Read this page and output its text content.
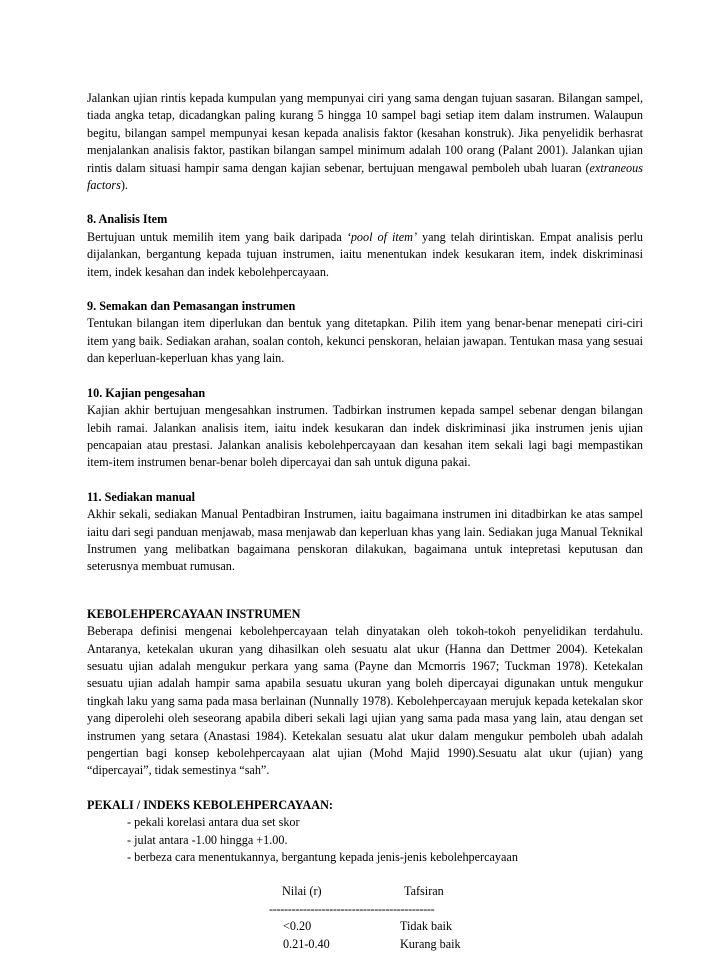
Jalankan ujian rintis kepada kumpulan yang mempunyai ciri yang sama dengan tujuan sasaran. Bilangan sampel, tiada angka tetap, dicadangkan paling kurang 5 hingga 10 sampel bagi setiap item dalam instrumen. Walaupun begitu, bilangan sampel mempunyai kesan kepada analisis faktor (kesahan konstruk). Jika penyelidik berhasrat menjalankan analisis faktor, pastikan bilangan sampel minimum adalah 100 orang (Palant 2001). Jalankan ujian rintis dalam situasi hampir sama dengan kajian sebenar, bertujuan mengawal pemboleh ubah luaran (extraneous factors).

8. Analisis Item

Bertujuan untuk memilih item yang baik daripada ‘pool of item’ yang telah dirintiskan. Empat analisis perlu dijalankan, bergantung kepada tujuan instrumen, iaitu menentukan indek kesukaran item, indek diskriminasi item, indek kesahan dan indek kebolehpercayaan.

9. Semakan dan Pemasangan instrumen

Tentukan bilangan item diperlukan dan bentuk yang ditetapkan. Pilih item yang benar-benar menepati ciri-ciri item yang baik. Sediakan arahan, soalan contoh, kekunci penskoran, helaian jawapan. Tentukan masa yang sesuai dan keperluan-keperluan khas yang lain.

10. Kajian pengesahan

Kajian akhir bertujuan mengesahkan instrumen. Tadbirkan instrumen kepada sampel sebenar dengan bilangan lebih ramai. Jalankan analisis item, iaitu indek kesukaran dan indek diskriminasi jika instrumen jenis ujian pencapaian atau prestasi. Jalankan analisis kebolehpercayaan dan kesahan item sekali lagi bagi mempastikan item-item instrumen benar-benar boleh dipercayai dan sah untuk diguna pakai.

11. Sediakan manual

Akhir sekali, sediakan Manual Pentadbiran Instrumen, iaitu bagaimana instrumen ini ditadbirkan ke atas sampel iaitu dari segi panduan menjawab, masa menjawab dan keperluan khas yang lain. Sediakan juga Manual Teknikal Instrumen yang melibatkan bagaimana penskoran dilakukan, bagaimana untuk intepretasi keputusan dan seterusnya membuat rumusan.

KEBOLEHPERCAYAAN INSTRUMEN

Beberapa definisi mengenai kebolehpercayaan telah dinyatakan oleh tokoh-tokoh penyelidikan terdahulu. Antaranya, ketekalan ukuran yang dihasilkan oleh sesuatu alat ukur (Hanna dan Dettmer 2004). Ketekalan sesuatu ujian adalah mengukur perkara yang sama (Payne dan Mcmorris 1967; Tuckman 1978). Ketekalan sesuatu ujian adalah hampir sama apabila sesuatu ukuran yang boleh dipercayai digunakan untuk mengukur tingkah laku yang sama pada masa berlainan (Nunnally 1978). Kebolehpercayaan merujuk kepada ketekalan skor yang diperolehi oleh seseorang apabila diberi sekali lagi ujian yang sama pada masa yang lain, atau dengan set instrumen yang setara (Anastasi 1984). Ketekalan sesuatu alat ukur dalam mengukur pemboleh ubah adalah pengertian bagi konsep kebolehpercayaan alat ujian (Mohd Majid 1990).Sesuatu alat ukur (ujian) yang “dipercayai”, tidak semestinya “sah”.

PEKALI / INDEKS KEBOLEHPERCAYAAN:

- pekali korelasi antara dua set skor
- julat antara -1.00 hingga +1.00.
- berbeza cara menentukannya, bergantung kepada jenis-jenis kebolehpercayaan
Nilai (r)	Tafsiran
--------------------------------------------
<0.20	Tidak baik
0.21-0.40	Kurang baik
